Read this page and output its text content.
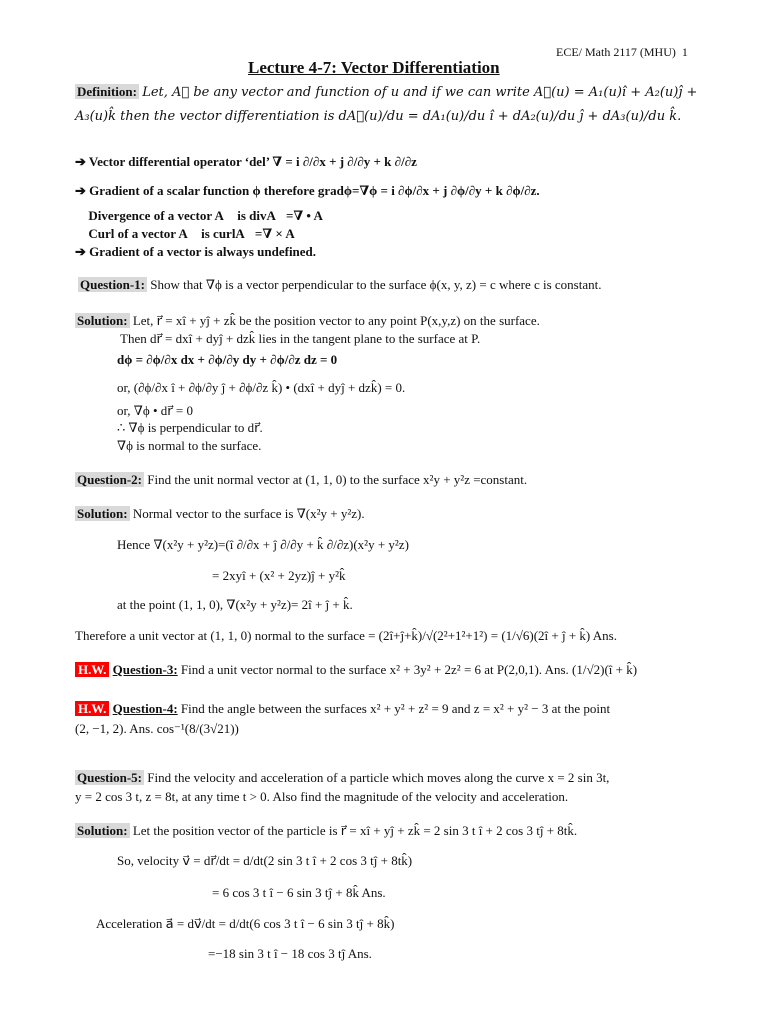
ECE/ Math 2117 (MHU) 1
Lecture 4-7: Vector Differentiation
Definition: Let, A⃗ be any vector and function of u and if we can write A⃗(u) = A₁(u)î + A₂(u)ĵ +
A₃(u)k̂ then the vector differentiation is dA⃗(u)/du = dA₁(u)/du î + dA₂(u)/du ĵ + dA₃(u)/du k̂.
➔ Vector differential operator ‘del’ ∇ = i ∂/∂x + j ∂/∂y + k ∂/∂z
➔ Gradient of a scalar function ϕ therefore gradϕ=∇ϕ = i ∂ϕ/∂x + j ∂ϕ/∂y + k ∂ϕ/∂z.
➔ Divergence of a vector A⃗ is divA⃗=∇ • A⃗
➔ Curl of a vector A⃗ is curlA⃗=∇ × A⃗
➔ Gradient of a vector is always undefined.
Question-1: Show that ∇ϕ is a vector perpendicular to the surface ϕ(x, y, z) = c where c is constant.
Solution: Let, r⃗ = xî + yĵ + zk̂ be the position vector to any point P(x,y,z) on the surface.
Then dr⃗ = dxî + dyĵ + dzk̂ lies in the tangent plane to the surface at P.
dϕ = ∂ϕ/∂x dx + ∂ϕ/∂y dy + ∂ϕ/∂z dz = 0
or, (∂ϕ/∂x î + ∂ϕ/∂y ĵ + ∂ϕ/∂z k̂) • (dxî + dyĵ + dzk̂) = 0.
or, ∇ϕ • dr⃗ = 0
∴ ∇ϕ is perpendicular to dr⃗.
∇ϕ is normal to the surface.
Question-2: Find the unit normal vector at (1, 1, 0) to the surface x²y + y²z =constant.
Solution: Normal vector to the surface is ∇(x²y + y²z).
Hence ∇(x²y + y²z)=(î ∂/∂x + ĵ ∂/∂y + k̂ ∂/∂z)(x²y + y²z)
= 2xyî + (x² + 2yz)ĵ + y²k̂
at the point (1, 1, 0), ∇(x²y + y²z)= 2î + ĵ + k̂.
Therefore a unit vector at (1, 1, 0) normal to the surface = (2î+ĵ+k̂)/√(2²+1²+1²) = (1/√6)(2î + ĵ + k̂) Ans.
H.W. Question-3: Find a unit vector normal to the surface x² + 3y² + 2z² = 6 at P(2,0,1). Ans. (1/√2)(î + k̂)
H.W. Question-4: Find the angle between the surfaces x² + y² + z² = 9 and z = x² + y² − 3 at the point
(2, −1, 2). Ans. cos⁻¹(8/(3√21))
Question-5: Find the velocity and acceleration of a particle which moves along the curve x = 2 sin 3t,
y = 2 cos 3 t, z = 8t, at any time t > 0. Also find the magnitude of the velocity and acceleration.
Solution: Let the position vector of the particle is r⃗ = xî + yĵ + zk̂ = 2 sin 3 t î + 2 cos 3 tĵ + 8tk̂.
So, velocity v⃗ = dr⃗/dt = d/dt(2 sin 3 t î + 2 cos 3 tĵ + 8tk̂)
= 6 cos 3 t î − 6 sin 3 tĵ + 8k̂ Ans.
Acceleration a⃗ = dv⃗/dt = d/dt(6 cos 3 t î − 6 sin 3 tĵ + 8k̂)
=−18 sin 3 t î − 18 cos 3 tĵ Ans.
